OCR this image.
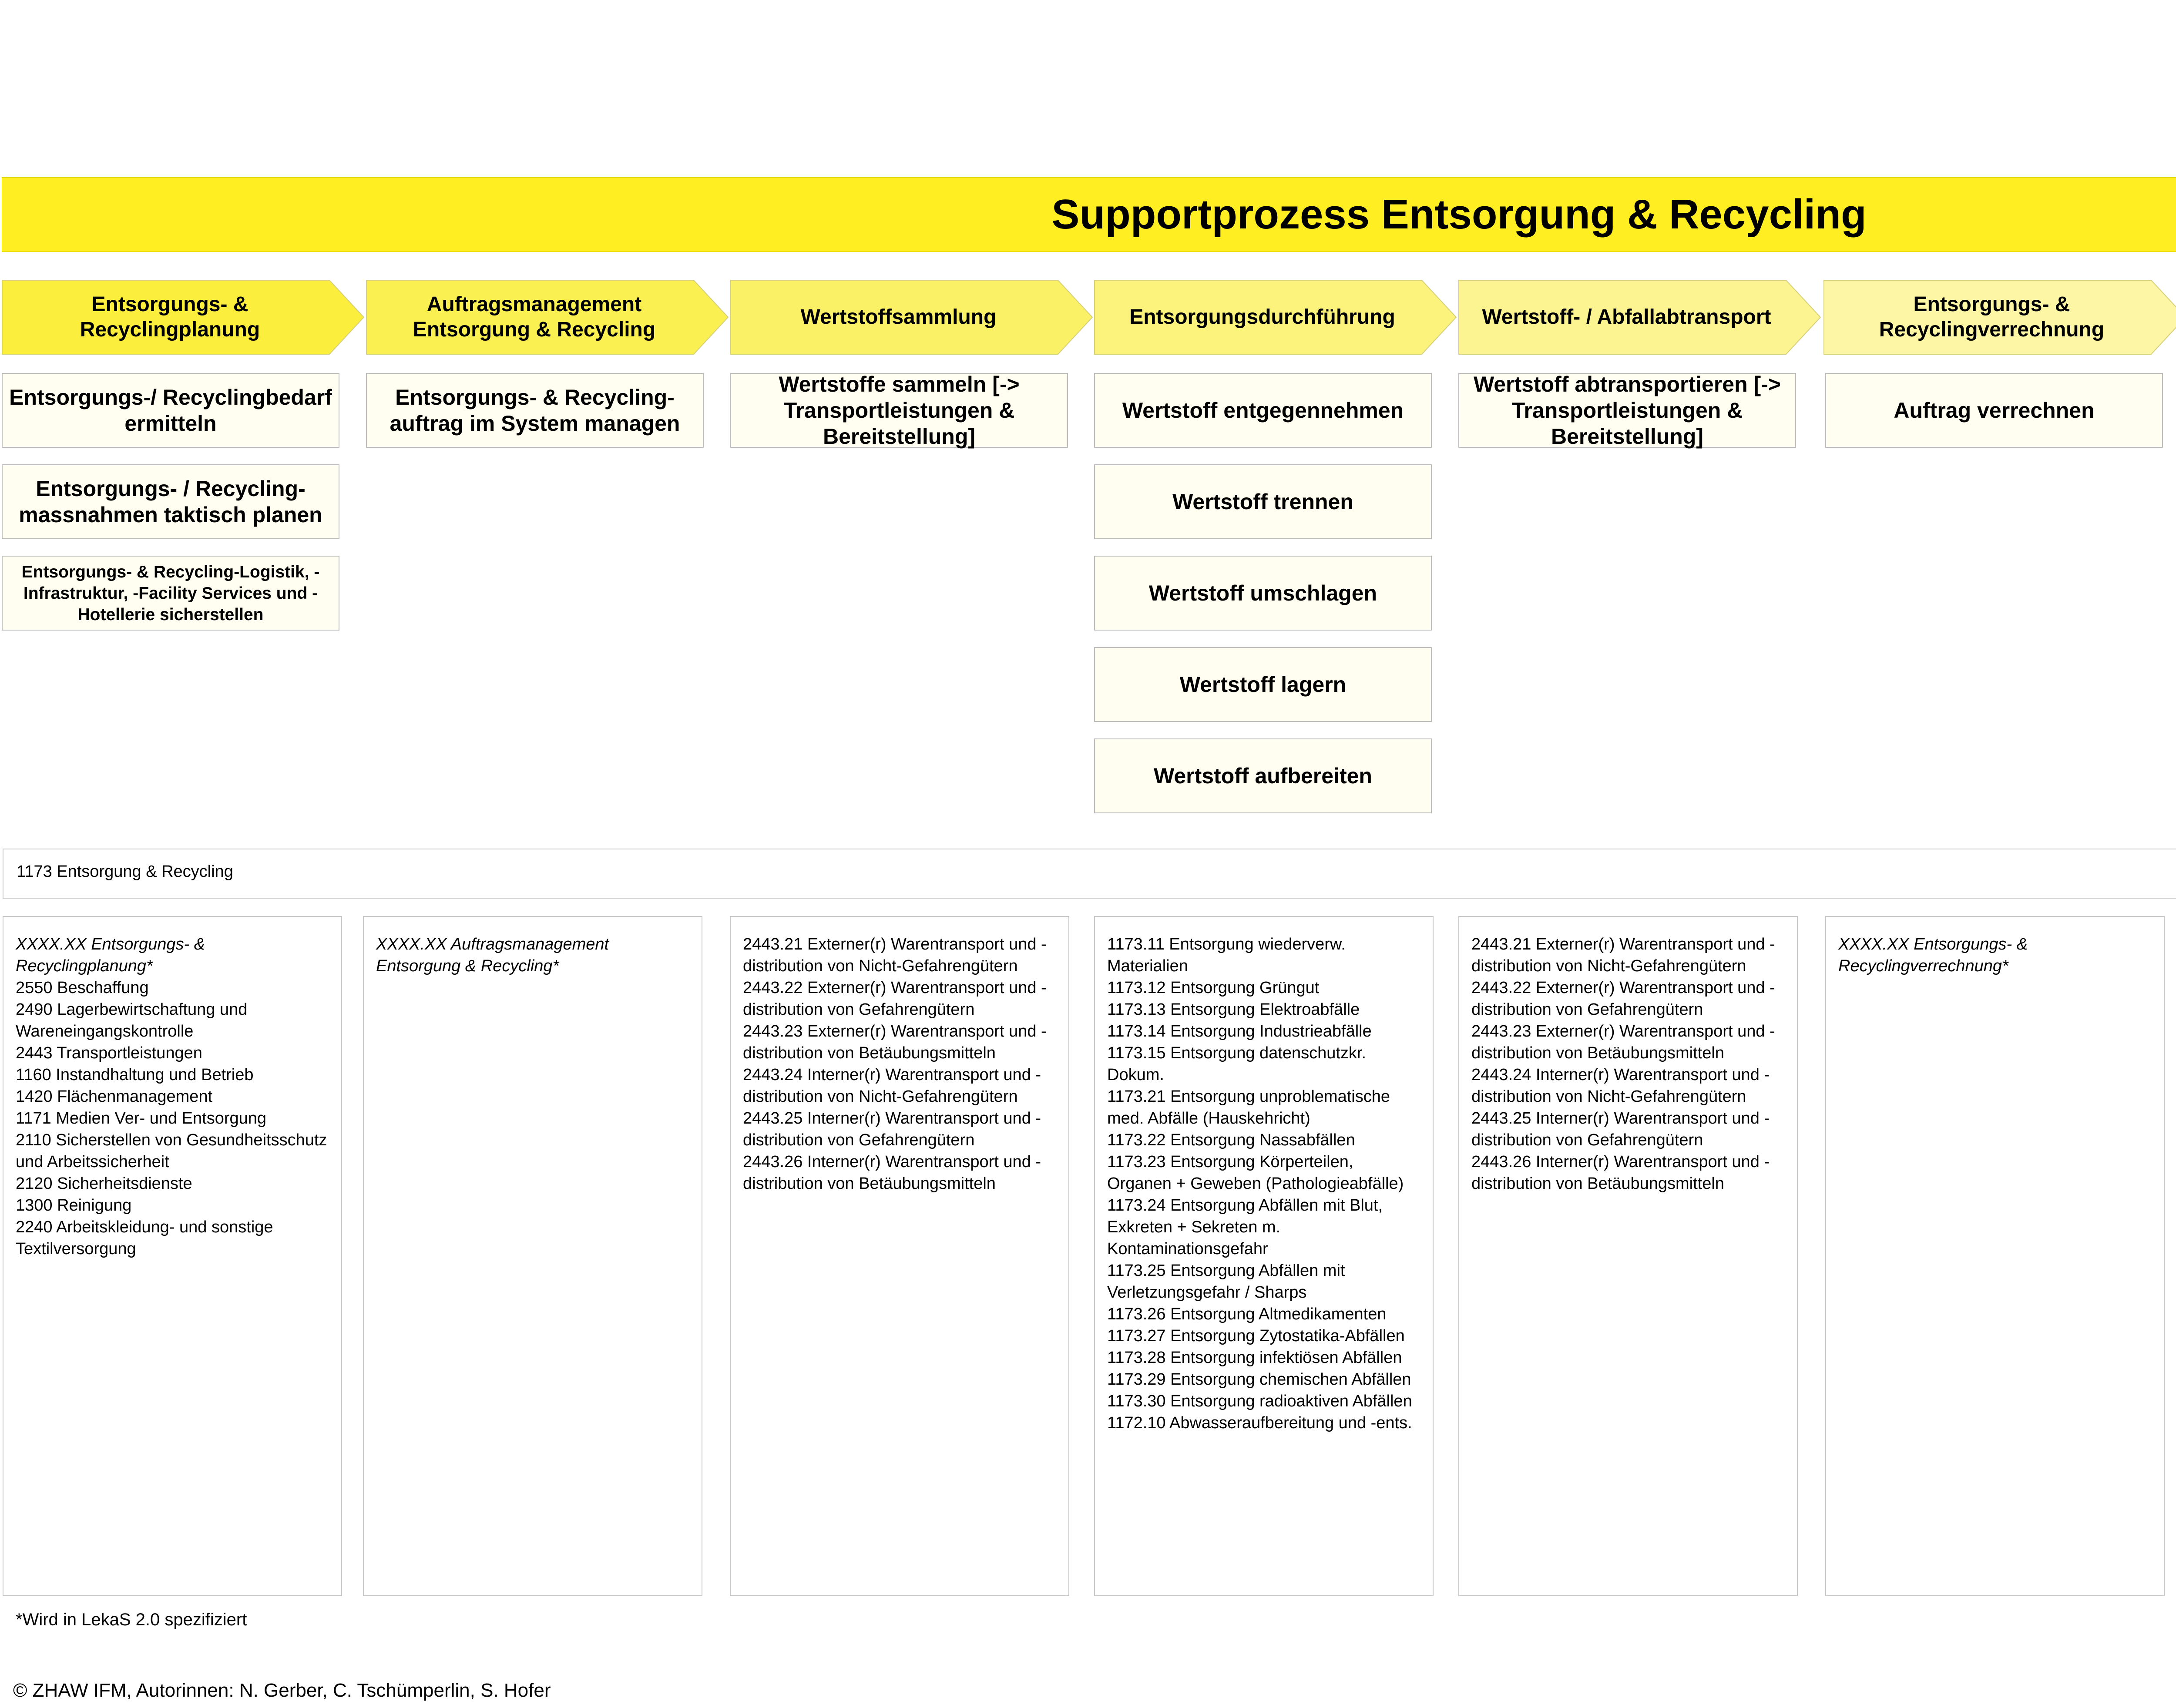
Supportprozess Entsorgung & Recycling
Entsorgungs- & Recyclingplanung
Auftragsmanagement Entsorgung & Recycling
Wertstoffsammlung	Entsorgungsdurchführung	Wertstoff- / Abfallabtransport
Entsorgungs- & Recyclingverrechnung
Entsorgungs-/ Recyclingbedarf ermitteln
Entsorgungs- / Recycling-massnahmen taktisch planen
Entsorgungs- & Recycling-Logistik, -Infrastruktur, -Facility Services und -Hotellerie sicherstellen
Entsorgungs- & Recycling-auftrag im System managen
Wertstoffe sammeln [-> Transportleistungen & Bereitstellung]
Wertstoff entgegennehmen
Wertstoff trennen
Wertstoff umschlagen
Wertstoff lagern
Wertstoff aufbereiten
Wertstoff abtransportieren [-> Transportleistungen & Bereitstellung]
Auftrag verrechnen
1173 Entsorgung & Recycling
XXXX.XX Entsorgungs- & Recyclingplanung*
2550 Beschaffung
2490 Lagerbewirtschaftung und Wareneingangskontrolle
2443 Transportleistungen
1160 Instandhaltung und Betrieb
1420 Flächenmanagement
1171 Medien Ver- und Entsorgung
2110 Sicherstellen von Gesundheitsschutz und Arbeitssicherheit
2120 Sicherheitsdienste
1300 Reinigung
2240 Arbeitskleidung- und sonstige Textilversorgung
XXXX.XX Auftragsmanagement Entsorgung & Recycling*
2443.21 Externer(r) Warentransport und -distribution von Nicht-Gefahrengütern
2443.22 Externer(r) Warentransport und -distribution von Gefahrengütern
2443.23 Externer(r) Warentransport und -distribution von Betäubungsmitteln
2443.24 Interner(r) Warentransport und -distribution von Nicht-Gefahrengütern
2443.25 Interner(r) Warentransport und -distribution von Gefahrengütern
2443.26 Interner(r) Warentransport und -distribution von Betäubungsmitteln
1173.11 Entsorgung wiederverw. Materialien
1173.12 Entsorgung Grüngut
1173.13 Entsorgung Elektroabfälle
1173.14 Entsorgung Industrieabfälle
1173.15 Entsorgung datenschutzkr. Dokum.
1173.21 Entsorgung unproblematische med. Abfälle (Hauskehricht)
1173.22 Entsorgung Nassabfällen
1173.23 Entsorgung Körperteilen, Organen + Geweben (Pathologieabfälle)
1173.24 Entsorgung Abfällen mit Blut, Exkreten + Sekreten m. Kontaminationsgefahr
1173.25 Entsorgung Abfällen mit Verletzungsgefahr / Sharps
1173.26 Entsorgung Altmedikamenten
1173.27 Entsorgung Zytostatika-Abfällen
1173.28 Entsorgung infektiösen Abfällen
1173.29 Entsorgung chemischen Abfällen
1173.30 Entsorgung radioaktiven Abfällen
1172.10 Abwasseraufbereitung und -ents.
2443.21 Externer(r) Warentransport und -distribution von Nicht-Gefahrengütern
2443.22 Externer(r) Warentransport und -distribution von Gefahrengütern
2443.23 Externer(r) Warentransport und -distribution von Betäubungsmitteln
2443.24 Interner(r) Warentransport und -distribution von Nicht-Gefahrengütern
2443.25 Interner(r) Warentransport und -distribution von Gefahrengütern
2443.26 Interner(r) Warentransport und -distribution von Betäubungsmitteln
XXXX.XX Entsorgungs- & Recyclingverrechnung*
*Wird in LekaS 2.0 spezifiziert
© ZHAW IFM, Autorinnen: N. Gerber, C. Tschümperlin, S. Hofer
